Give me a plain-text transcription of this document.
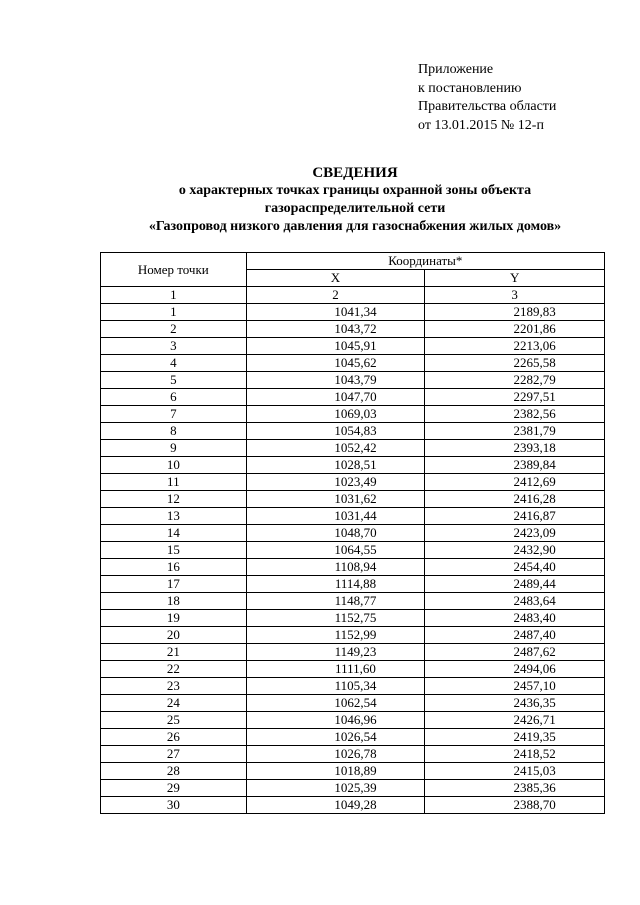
Приложение
к постановлению
Правительства области
от 13.01.2015 № 12-п
СВЕДЕНИЯ
о характерных точках границы охранной зоны объекта
газораспределительной сети
«Газопровод низкого давления для газоснабжения жилых домов»
Номер точки	Координаты*	
	X	Y
1	2	3
1	1041,34	2189,83
2	1043,72	2201,86
3	1045,91	2213,06
4	1045,62	2265,58
5	1043,79	2282,79
6	1047,70	2297,51
7	1069,03	2382,56
8	1054,83	2381,79
9	1052,42	2393,18
10	1028,51	2389,84
11	1023,49	2412,69
12	1031,62	2416,28
13	1031,44	2416,87
14	1048,70	2423,09
15	1064,55	2432,90
16	1108,94	2454,40
17	1114,88	2489,44
18	1148,77	2483,64
19	1152,75	2483,40
20	1152,99	2487,40
21	1149,23	2487,62
22	1111,60	2494,06
23	1105,34	2457,10
24	1062,54	2436,35
25	1046,96	2426,71
26	1026,54	2419,35
27	1026,78	2418,52
28	1018,89	2415,03
29	1025,39	2385,36
30	1049,28	2388,70
